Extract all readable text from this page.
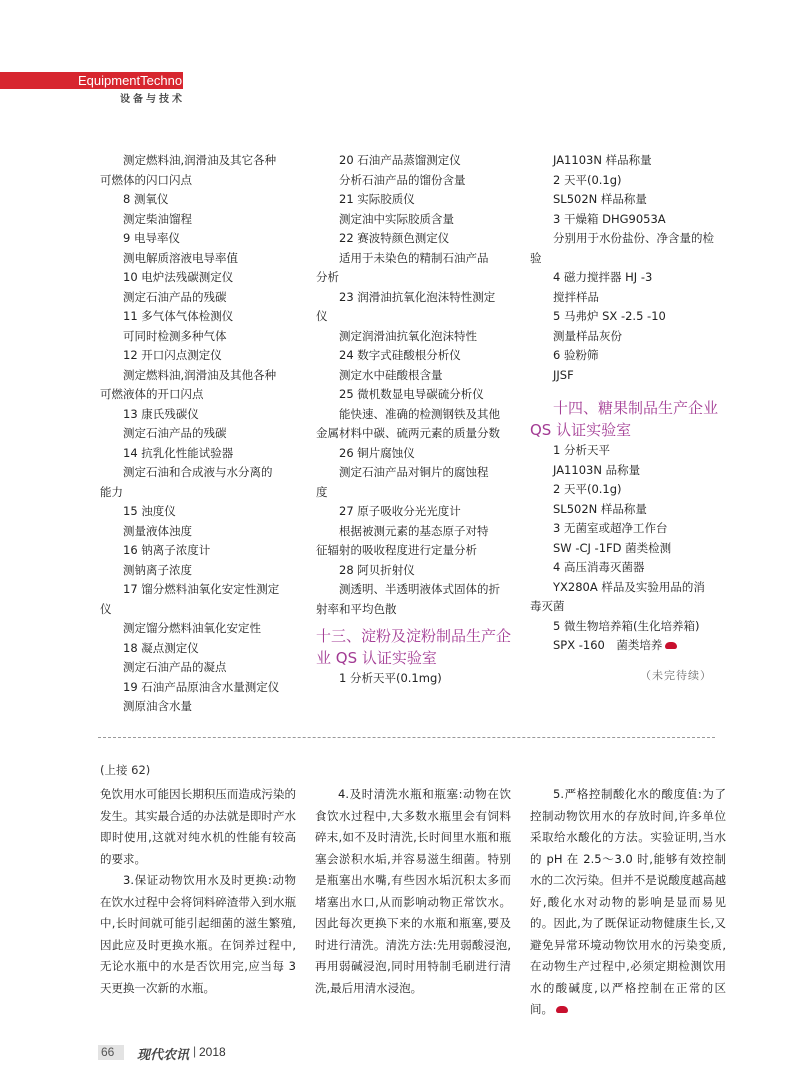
EquipmentTechnology
设备与技术

测定燃料油,润滑油及其它各种

可燃体的闪口闪点

8 测氧仪

测定柴油馏程

9 电导率仪

测电解质溶液电导率值

10 电炉法残碳测定仪

测定石油产品的残碳

11 多气体气体检测仪

可同时检测多种气体

12 开口闪点测定仪

测定燃料油,润滑油及其他各种

可燃液体的开口闪点

13 康氏残碳仪

测定石油产品的残碳

14 抗乳化性能试验器

测定石油和合成液与水分离的

能力

15 浊度仪

测量液体浊度

16 钠离子浓度计

测钠离子浓度

17 馏分燃料油氧化安定性测定

仪

测定馏分燃料油氧化安定性

18 凝点测定仪

测定石油产品的凝点

19 石油产品原油含水量测定仪

测原油含水量

20 石油产品蒸馏测定仪

分析石油产品的馏份含量

21 实际胶质仪

测定油中实际胶质含量

22 赛波特颜色测定仪

适用于未染色的精制石油产品

分析

23 润滑油抗氧化泡沫特性测定

仪

测定润滑油抗氧化泡沫特性

24 数字式硅酸根分析仪

测定水中硅酸根含量

25 微机数显电导碳硫分析仪

能快速、准确的检测钢铁及其他

金属材料中碳、硫两元素的质量分数

26 铜片腐蚀仪

测定石油产品对铜片的腐蚀程

度

27 原子吸收分光光度计

根据被测元素的基态原子对特

征辐射的吸收程度进行定量分析

28 阿贝折射仪

测透明、半透明液体式固体的折

射率和平均色散

十三、淀粉及淀粉制品生产企

业 QS 认证实验室

1 分析天平(0.1mg)

JA1103N 样品称量

2 天平(0.1g)

SL502N 样品称量

3 干燥箱 DHG9053A

分别用于水份盐份、净含量的检

验

4 磁力搅拌器 HJ -3

搅拌样品

5 马弗炉 SX -2.5 -10

测量样品灰份

6 验粉筛

JJSF

十四、糖果制品生产企业

QS 认证实验室

1 分析天平

JA1103N 品称量

2 天平(0.1g)

SL502N 样品称量

3 无菌室或超净工作台

SW -CJ -1FD 菌类检测

4 高压消毒灭菌器

YX280A 样品及实验用品的消

毒灭菌

5 微生物培养箱(生化培养箱)

SPX -160　菌类培养

（未完待续）

(上接 62)

免饮用水可能因长期积压而造成污染的发生。其实最合适的办法就是即时产水即时使用,这就对纯水机的性能有较高的要求。

3.保证动物饮用水及时更换:动物在饮水过程中会将饲料碎渣带入到水瓶中,长时间就可能引起细菌的滋生繁殖,因此应及时更换水瓶。在饲养过程中,无论水瓶中的水是否饮用完,应当每 3 天更换一次新的水瓶。

4.及时清洗水瓶和瓶塞:动物在饮食饮水过程中,大多数水瓶里会有饲料碎末,如不及时清洗,长时间里水瓶和瓶塞会淤积水垢,并容易滋生细菌。特别是瓶塞出水嘴,有些因水垢沉积太多而堵塞出水口,从而影响动物正常饮水。因此每次更换下来的水瓶和瓶塞,要及时进行清洗。清洗方法:先用弱酸浸泡,再用弱碱浸泡,同时用特制毛刷进行清洗,最后用清水浸泡。

5.严格控制酸化水的酸度值:为了控制动物饮用水的存放时间,许多单位采取给水酸化的方法。实验证明,当水的 pH 在 2.5～3.0 时,能够有效控制水的二次污染。但并不是说酸度越高越好,酸化水对动物的影响是显而易见的。因此,为了既保证动物健康生长,又避免异常环境动物饮用水的污染变质,在动物生产过程中,必须定期检测饮用水的酸碱度,以严格控制在正常的区间。

66 现代农讯 | 2018
